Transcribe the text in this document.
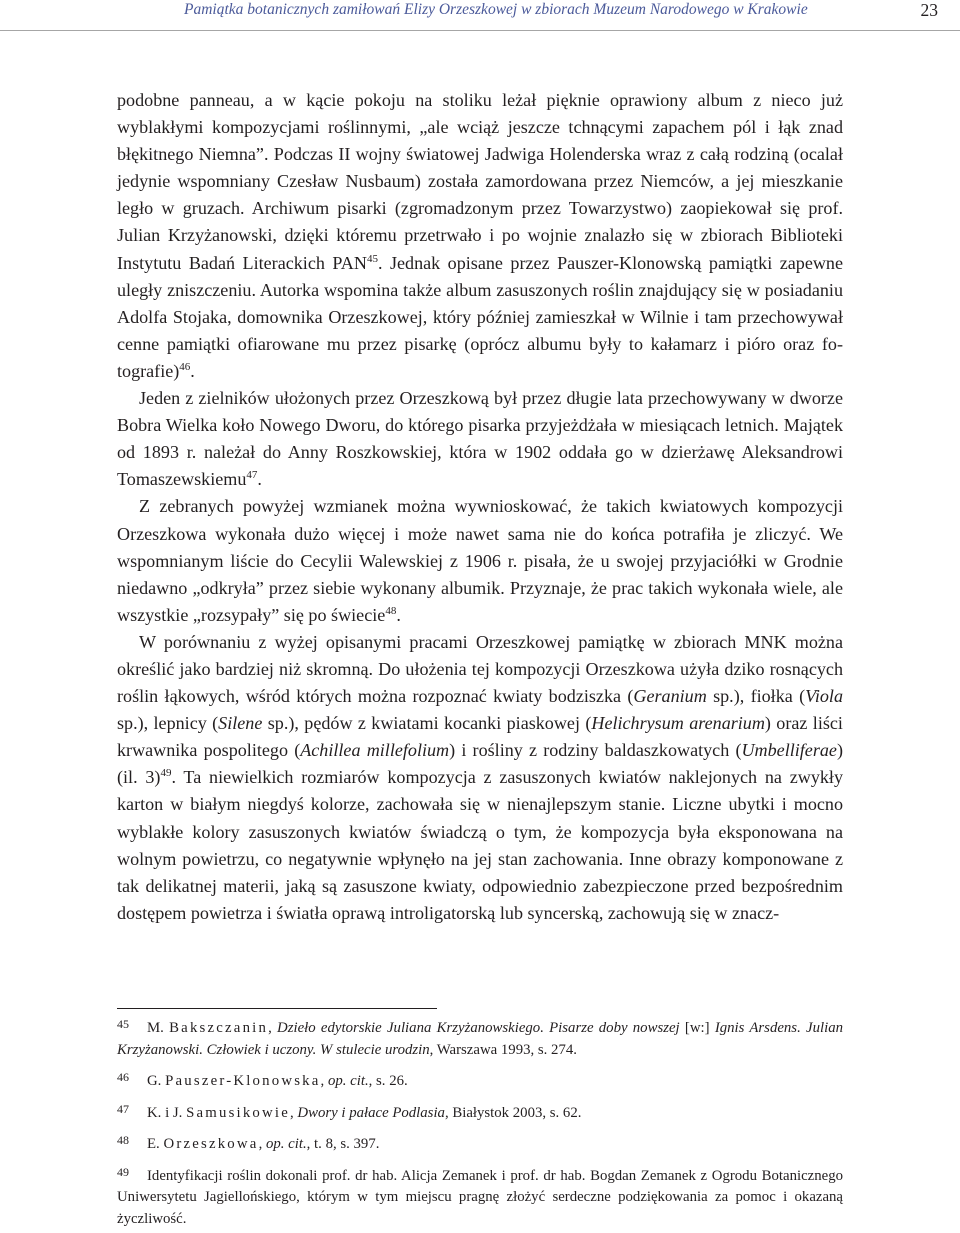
Pamiątka botanicznych zamiłowań Elizy Orzeszkowej w zbiorach Muzeum Narodowego w Krakowie	23

podobne panneau, a w kącie pokoju na stoliku leżał pięknie oprawiony album z nieco już wyblakłymi kompozycjami roślinnymi, „ale wciąż jeszcze tchnącymi zapachem pól i łąk znad błękitnego Niemna”. Podczas II wojny światowej Jadwiga Holenderska wraz z całą rodziną (ocalał jedynie wspomniany Czesław Nusbaum) została zamordowana przez Niemców, a jej mieszkanie legło w gruzach. Archiwum pisarki (zgromadzonym przez Towarzystwo) zaopiekował się prof. Julian Krzyżanowski, dzięki któremu przetrwało i po wojnie znalazło się w zbiorach Biblioteki Instytutu Badań Literackich PAN$^{45}$. Jednak opisane przez Pauszer-Klonowską pamiątki zapewne uległy zniszczeniu. Autorka wspomina także album zasuszonych roślin znajdujący się w posiadaniu Adolfa Stojaka, domownika Orzeszkowej, który później zamieszkał w Wilnie i tam przechowywał cenne pamiątki ofiarowane mu przez pisarkę (oprócz albumu były to kałamarz i pióro oraz fotografie)$^{46}$.

Jeden z zielników ułożonych przez Orzeszkową był przez długie lata przechowywany w dworze Bobra Wielka koło Nowego Dworu, do którego pisarka przyjeżdżała w miesiącach letnich. Majątek od 1893 r. należał do Anny Roszkowskiej, która w 1902 oddała go w dzierżawę Aleksandrowi Tomaszewskiemu$^{47}$.

Z zebranych powyżej wzmianek można wywnioskować, że takich kwiatowych kompozycji Orzeszkowa wykonała dużo więcej i może nawet sama nie do końca potrafiła je zliczyć. We wspomnianym liście do Cecylii Walewskiej z 1906 r. pisała, że u swojej przyjaciółki w Grodnie niedawno „odkryła” przez siebie wykonany albumik. Przyznaje, że prac takich wykonała wiele, ale wszystkie „rozsypały” się po świecie$^{48}$.

W porównaniu z wyżej opisanymi pracami Orzeszkowej pamiątkę w zbiorach MNK można określić jako bardziej niż skromną. Do ułożenia tej kompozycji Orzeszkowa użyła dziko rosnących roślin łąkowych, wśród których można rozpoznać kwiaty bodziszka (Geranium sp.), fiołka (Viola sp.), lepnicy (Silene sp.), pędów z kwiatami kocanki piaskowej (Helichrysum arenarium) oraz liści krwawnika pospolitego (Achillea millefolium) i rośliny z rodziny baldaszkowatych (Umbelliferae) (il. 3)$^{49}$. Ta niewielkich rozmiarów kompozycja z zasuszonych kwiatów naklejonych na zwykły karton w białym niegdyś kolorze, zachowała się w nienajlepszym stanie. Liczne ubytki i mocno wyblakłe kolory zasuszonych kwiatów świadczą o tym, że kompozycja była eksponowana na wolnym powietrzu, co negatywnie wpłynęło na jej stan zachowania. Inne obrazy komponowane z tak delikatnej materii, jaką są zasuszone kwiaty, odpowiednio zabezpieczone przed bezpośrednim dostępem powietrza i światła oprawą introligatorską lub syncerską, zachowują się w znacz-

45 M. Bakszczanin, Dzieło edytorskie Juliana Krzyżanowskiego. Pisarze doby nowszej [w:] Ignis Arsdens. Julian Krzyżanowski. Człowiek i uczony. W stulecie urodzin, Warszawa 1993, s. 274.
46 G. Pauszer-Klonowska, op. cit., s. 26.
47 K. i J. Samusikowie, Dwory i pałace Podlasia, Białystok 2003, s. 62.
48 E. Orzeszkowa, op. cit., t. 8, s. 397.
49 Identyfikacji roślin dokonali prof. dr hab. Alicja Zemanek i prof. dr hab. Bogdan Zemanek z Ogrodu Botanicznego Uniwersytetu Jagiellońskiego, którym w tym miejscu pragnę złożyć serdeczne podziękowania za pomoc i okazaną życzliwość.
